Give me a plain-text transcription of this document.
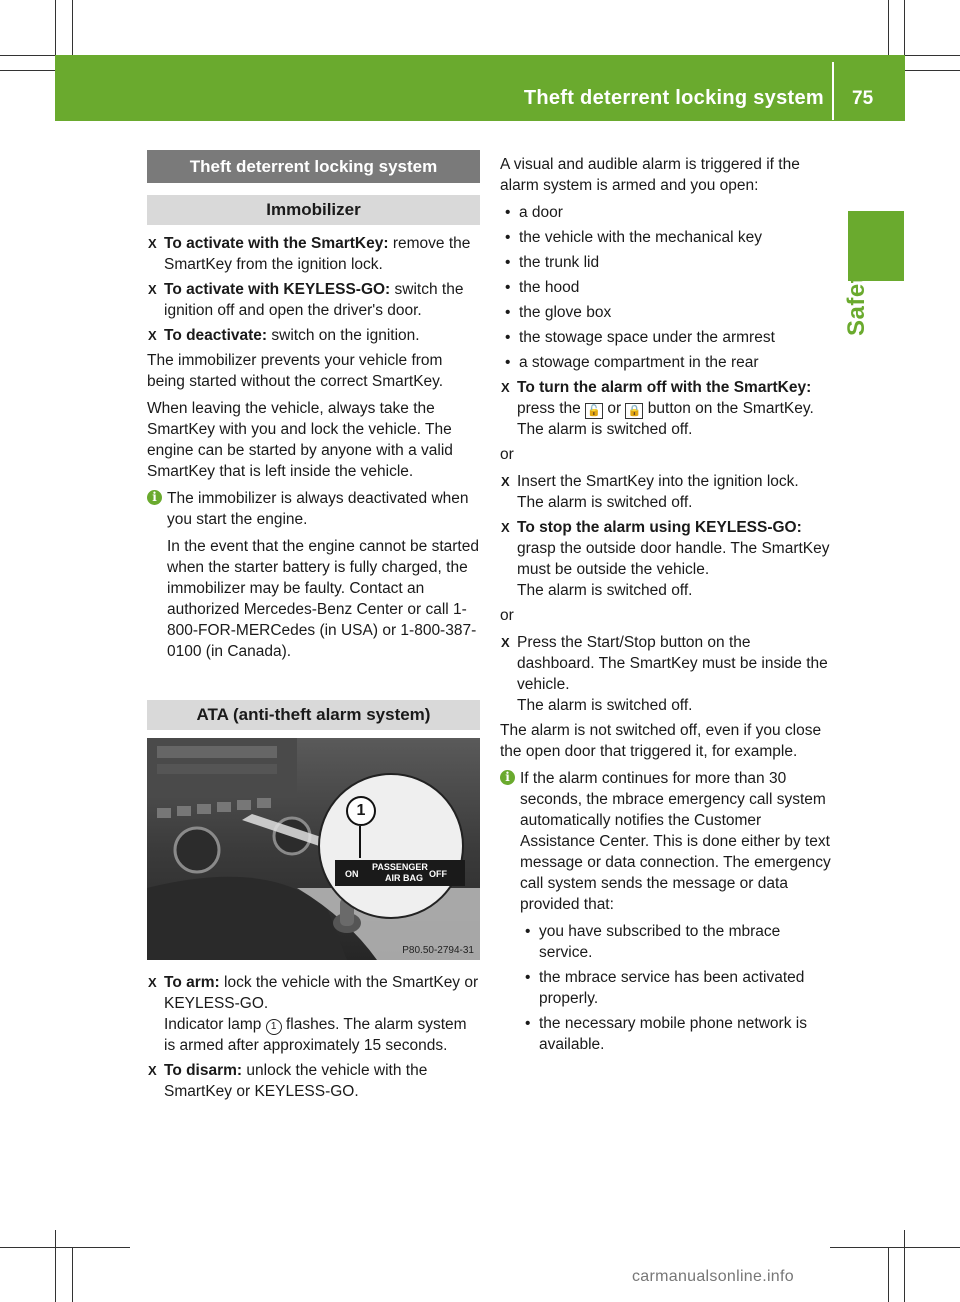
Theft deterrent locking system 75
Safety
Theft deterrent locking system
Immobilizer
X To activate with the SmartKey: remove the SmartKey from the ignition lock.
X To activate with KEYLESS-GO: switch the ignition off and open the driver's door.
X To deactivate: switch on the ignition.

The immobilizer prevents your vehicle from being started without the correct SmartKey.

When leaving the vehicle, always take the SmartKey with you and lock the vehicle. The engine can be started by anyone with a valid SmartKey that is left inside the vehicle.

i The immobilizer is always deactivated when you start the engine.

In the event that the engine cannot be started when the starter battery is fully charged, the immobilizer may be faulty. Contact an authorized Mercedes-Benz Center or call 1-800-FOR-MERCedes (in USA) or 1-800-387-0100 (in Canada).

ATA (anti-theft alarm system)
1
ON
PASSENGER
AIR BAG OFF
P80.50-2794-31
X To arm: lock the vehicle with the SmartKey or KEYLESS-GO.
Indicator lamp 1 flashes. The alarm system is armed after approximately 15 seconds.
X To disarm: unlock the vehicle with the SmartKey or KEYLESS-GO.

A visual and audible alarm is triggered if the alarm system is armed and you open:

• a door
• the vehicle with the mechanical key
• the trunk lid
• the hood
• the glove box
• the stowage space under the armrest
• a stowage compartment in the rear
X To turn the alarm off with the SmartKey: press the 🔓 or 🔒 button on the SmartKey.
The alarm is switched off.

or

X Insert the SmartKey into the ignition lock.
The alarm is switched off.
X To stop the alarm using KEYLESS-GO: grasp the outside door handle. The SmartKey must be outside the vehicle.
The alarm is switched off.

or

X Press the Start/Stop button on the dashboard. The SmartKey must be inside the vehicle.
The alarm is switched off.

The alarm is not switched off, even if you close the open door that triggered it, for example.

i If the alarm continues for more than 30 seconds, the mbrace emergency call system automatically notifies the Customer Assistance Center. This is done either by text message or data connection. The emergency call system sends the message or data provided that:

• you have subscribed to the mbrace service.
• the mbrace service has been activated properly.
• the necessary mobile phone network is available.
carmanualsonline.info
